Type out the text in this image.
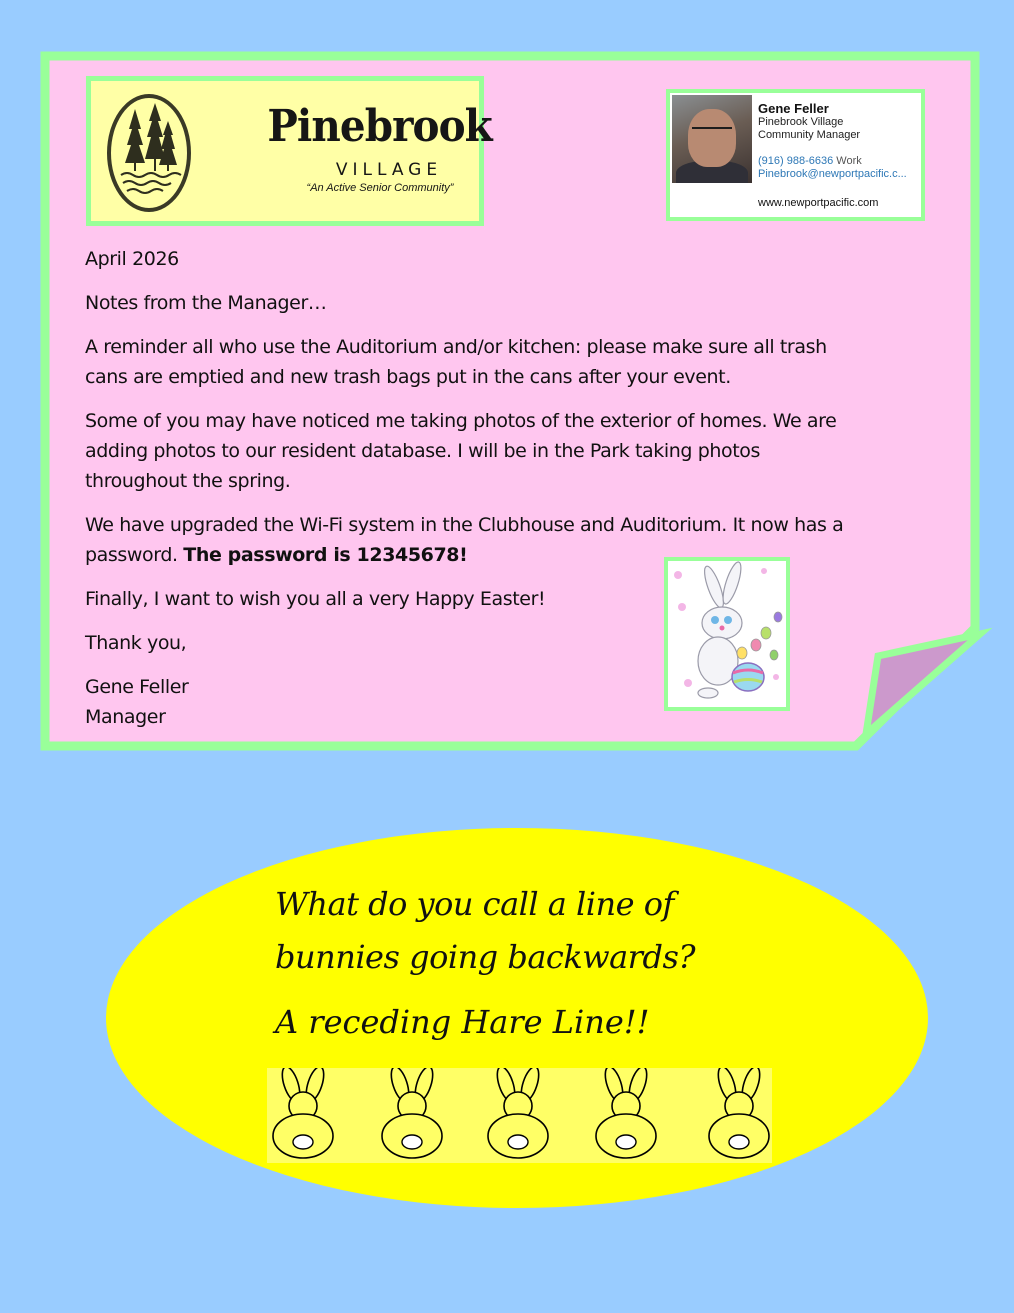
Pinebrook
VILLAGE
“An Active Senior Community”
Gene Feller
Pinebrook Village
Community Manager
(916) 988-6636 Work
Pinebrook@newportpacific.c...
www.newportpacific.com

April 2026

Notes from the Manager…

A reminder all who use the Auditorium and/or kitchen: please make sure all trash cans are emptied and new trash bags put in the cans after your event.

Some of you may have noticed me taking photos of the exterior of homes. We are adding photos to our resident database. I will be in the Park taking photos throughout the spring.

We have upgraded the Wi-Fi system in the Clubhouse and Auditorium. It now has a password. The password is 12345678!

Finally, I want to wish you all a very Happy Easter!

Thank you,

Gene Feller

Manager

What do you call a line of
bunnies going backwards?
A receding Hare Line!!
